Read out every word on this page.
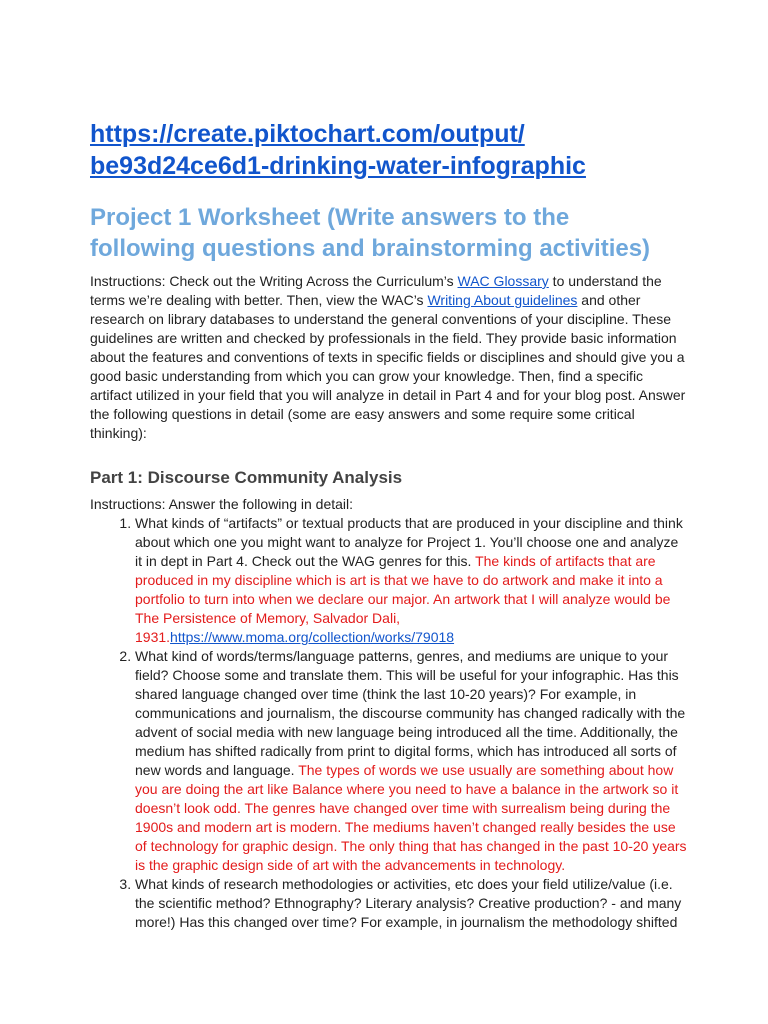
https://create.piktochart.com/output/
be93d24ce6d1-drinking-water-infographic
Project 1 Worksheet (Write answers to the
following questions and brainstorming activities)

Instructions: Check out the Writing Across the Curriculum’s WAC Glossary to understand the terms we’re dealing with better. Then, view the WAC’s Writing About guidelines and other research on library databases to understand the general conventions of your discipline. These guidelines are written and checked by professionals in the field. They provide basic information about the features and conventions of texts in specific fields or disciplines and should give you a good basic understanding from which you can grow your knowledge. Then, find a specific artifact utilized in your field that you will analyze in detail in Part 4 and for your blog post. Answer the following questions in detail (some are easy answers and some require some critical thinking):

Part 1: Discourse Community Analysis

Instructions: Answer the following in detail:

1. What kinds of “artifacts” or textual products that are produced in your discipline and think about which one you might want to analyze for Project 1. You’ll choose one and analyze it in dept in Part 4. Check out the WAG genres for this. The kinds of artifacts that are produced in my discipline which is art is that we have to do artwork and make it into a portfolio to turn into when we declare our major. An artwork that I will analyze would be The Persistence of Memory, Salvador Dali, 1931.https://www.moma.org/collection/works/79018
2. What kind of words/terms/language patterns, genres, and mediums are unique to your field? Choose some and translate them. This will be useful for your infographic. Has this shared language changed over time (think the last 10-20 years)? For example, in communications and journalism, the discourse community has changed radically with the advent of social media with new language being introduced all the time. Additionally, the medium has shifted radically from print to digital forms, which has introduced all sorts of new words and language. The types of words we use usually are something about how you are doing the art like Balance where you need to have a balance in the artwork so it doesn’t look odd. The genres have changed over time with surrealism being during the 1900s and modern art is modern. The mediums haven’t changed really besides the use of technology for graphic design. The only thing that has changed in the past 10-20 years is the graphic design side of art with the advancements in technology.
3. What kinds of research methodologies or activities, etc does your field utilize/value (i.e. the scientific method? Ethnography? Literary analysis? Creative production? - and many more!) Has this changed over time? For example, in journalism the methodology shifted
